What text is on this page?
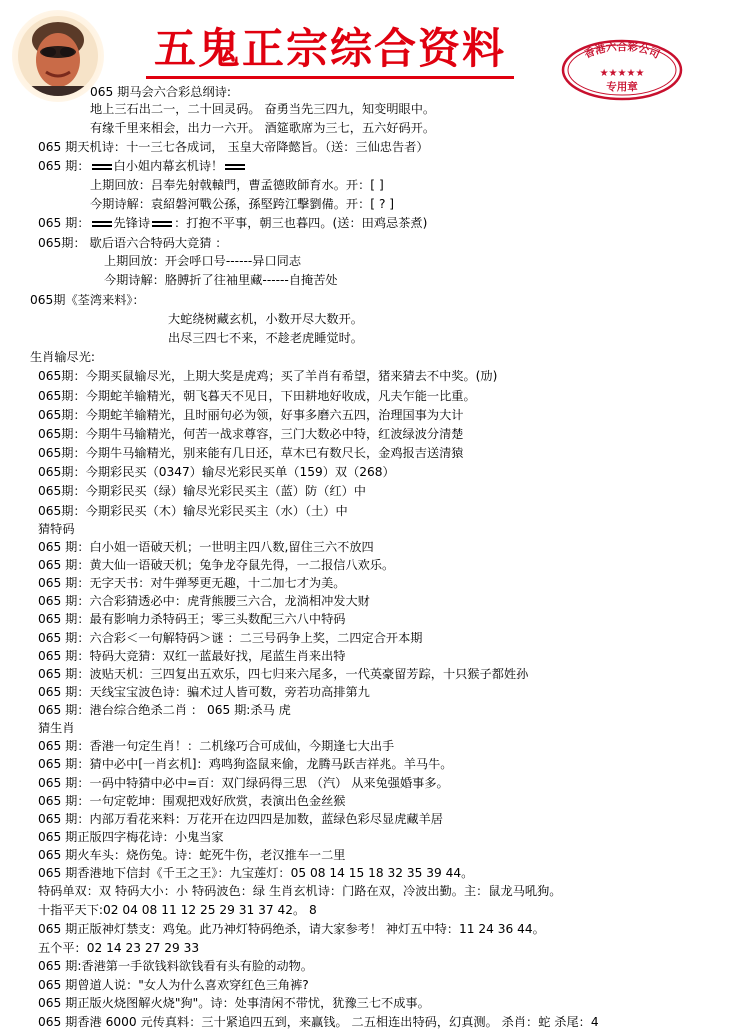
五鬼正宗综合资料	香港六合彩公司
★★★★★
专用章
065 期马会六合彩总纲诗:
地上三石出二一，二十回灵码。 奋勇当先三四九，知变明眼中。
有缘千里来相会，出力一六开。 酒筵歌席为三七，五六好码开。
065 期天机诗：十一三七各成词， 玉皇大帝降懿旨。（送：三仙忠告者）
065 期： 白小姐内幕玄机诗！
上期回放：吕奉先射戟轅門，曹孟德敗師育水。开：[ ]
今期诗解：袁紹磐河戰公孫，孫堅跨江擊劉備。开：[ ? ]
065 期： 先锋诗 ：打抱不平事，朝三也暮四。(送：田鸡忌茶煮)
065期： 歇后语六合特码大竞猜 ：
上期回放：开会呼口号------异口同志
今期诗解：胳膊折了往袖里藏------自掩苦处
065期《荃湾来料》：
大蛇绕树藏玄机，小数开尽大数开。
出尽三四七不来，不趁老虎睡觉时。
生肖输尽光:
065期：今期买鼠输尽光，上期大奖是虎鸡；买了羊肖有希望，猪来猜去不中奖。(劢)
065期：今期蛇羊输精光，朝飞暮天不见日，下田耕地好收成，凡夫乍能一比重。
065期：今期蛇羊输精光，且时丽句必为领，好事多磨六五四，治理国事为大计
065期：今期牛马输精光，何苦一战求尊容，三门大数必中特，红波绿波分清楚
065期：今期牛马输精光，别来能有几日还，草木已有数尺长，金鸡报吉送清猿
065期：今期彩民买（0347）输尽光彩民买单（159）双（268）
065期：今期彩民买（绿）输尽光彩民买主（蓝）防（红）中
065期：今期彩民买（木）输尽光彩民买主（水）（土）中
猜特码
065 期：白小姐一语破天机；一世明主四八数,留住三六不放四
065 期：黄大仙一语破天机；兔争龙夺鼠先得，一二报信八欢乐。
065 期：无字天书：对牛弹琴更无趣，十二加七才为美。
065 期：六合彩猜透必中：虎背熊腰三六合，龙淌相冲发大财
065 期：最有影响力杀特码王；零三头数配三六八中特码
065 期：六合彩＜一句解特码＞谜 ：二三号码争上奖，二四定合开本期
065 期：特码大竞猜：双红一蓝最好找，尾蓝生肖来出特
065 期：波贴天机：三四复出五欢乐，四七归来六尾多，一代英豪留芳踪，十只猴子都姓孙
065 期：天线宝宝波色诗：骗术过人皆可数，旁若功高排第九
065 期：港台综合绝杀二肖 ： 065 期:杀马 虎
猜生肖
065 期：香港一句定生肖！：二机缘巧合可成仙，今期逢七大出手
065 期：猜中必中[一肖玄机]：鸡鸣狗盗鼠来偷，龙腾马跃吉祥兆。羊马牛。
065 期：一码中特猜中必中=百：双门绿码得三思 （汽） 从来兔强婚事多。
065 期：一句定乾坤：围观把戏好欣赏，表演出色金丝猴
065 期：内部万看花来料：万花开在边四四是加数，蓝绿色彩尽显虎藏羊居
065 期正版四字梅花诗：小鬼当家
065 期火车头：烧伤兔。诗：蛇死牛伤，老汉推车一二里
065 期香港地下信封《千王之王》：九宝莲灯：05 08 14 15 18 32 35 39 44。
特码单双：双 特码大小：小 特码波色：绿 生肖玄机诗：门路在双，冷波出勤。主：鼠龙马吼狗。
十指平天下:02 04 08 11 12 25 29 31 37 42。 8
065 期正版神灯禁支：鸡兔。此乃神灯特码绝杀，请大家参考！ 神灯五中特：11 24 36 44。
五个平：02 14 23 27 29 33
065 期:香港第一手欲钱料欲钱看有头有脸的动物。
065 期曾道人说："女人为什么喜欢穿红色三角裤?
065 期正版火烧图解火烧"狗"。诗：处事清闲不带忧，犹豫三七不成事。
065 期香港 6000 元传真料：三十紧追四五到，来赢钱。 二五相连出特码，幻真测。 杀肖：蛇 杀尾：4
